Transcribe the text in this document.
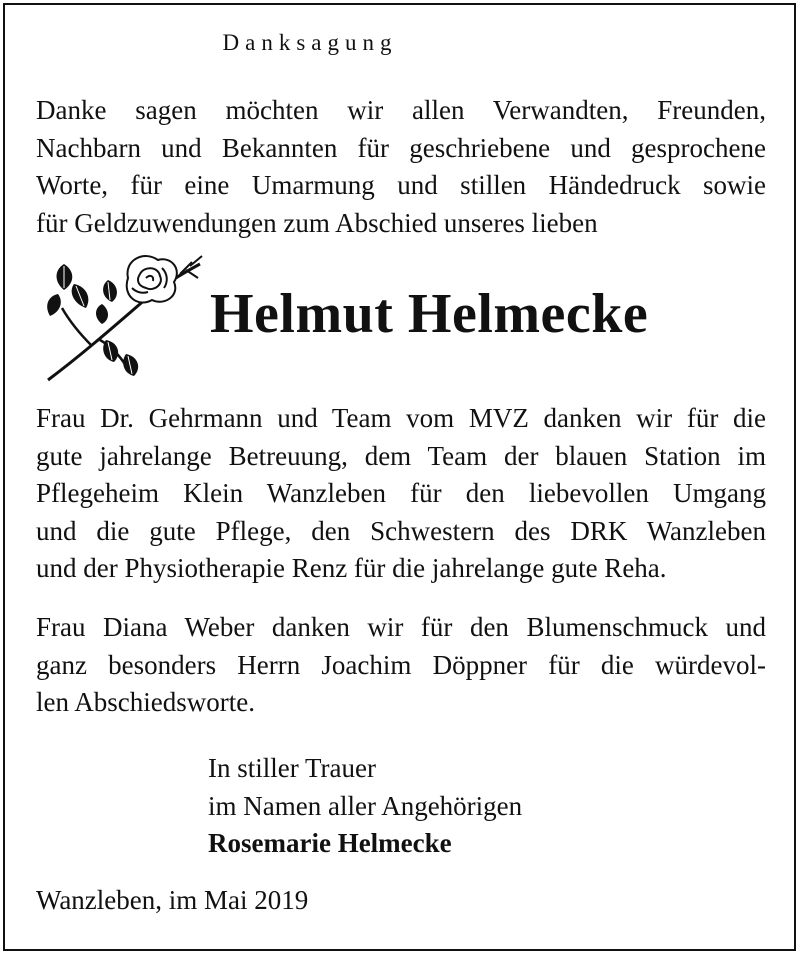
Danksagung
Danke sagen möchten wir allen Verwandten, Freunden,
Nachbarn und Bekannten für geschriebene und gesprochene
Worte, für eine Umarmung und stillen Händedruck sowie
für Geldzuwendungen zum Abschied unseres lieben
Helmut Helmecke
Frau Dr. Gehrmann und Team vom MVZ danken wir für die
gute jahrelange Betreuung, dem Team der blauen Station im
Pflegeheim Klein Wanzleben für den liebevollen Umgang
und die gute Pflege, den Schwestern des DRK Wanzleben
und der Physiotherapie Renz für die jahrelange gute Reha.
Frau Diana Weber danken wir für den Blumenschmuck und
ganz besonders Herrn Joachim Döppner für die würdevol-
len Abschiedsworte.
In stiller Trauer
im Namen aller Angehörigen
Rosemarie Helmecke
Wanzleben, im Mai 2019
